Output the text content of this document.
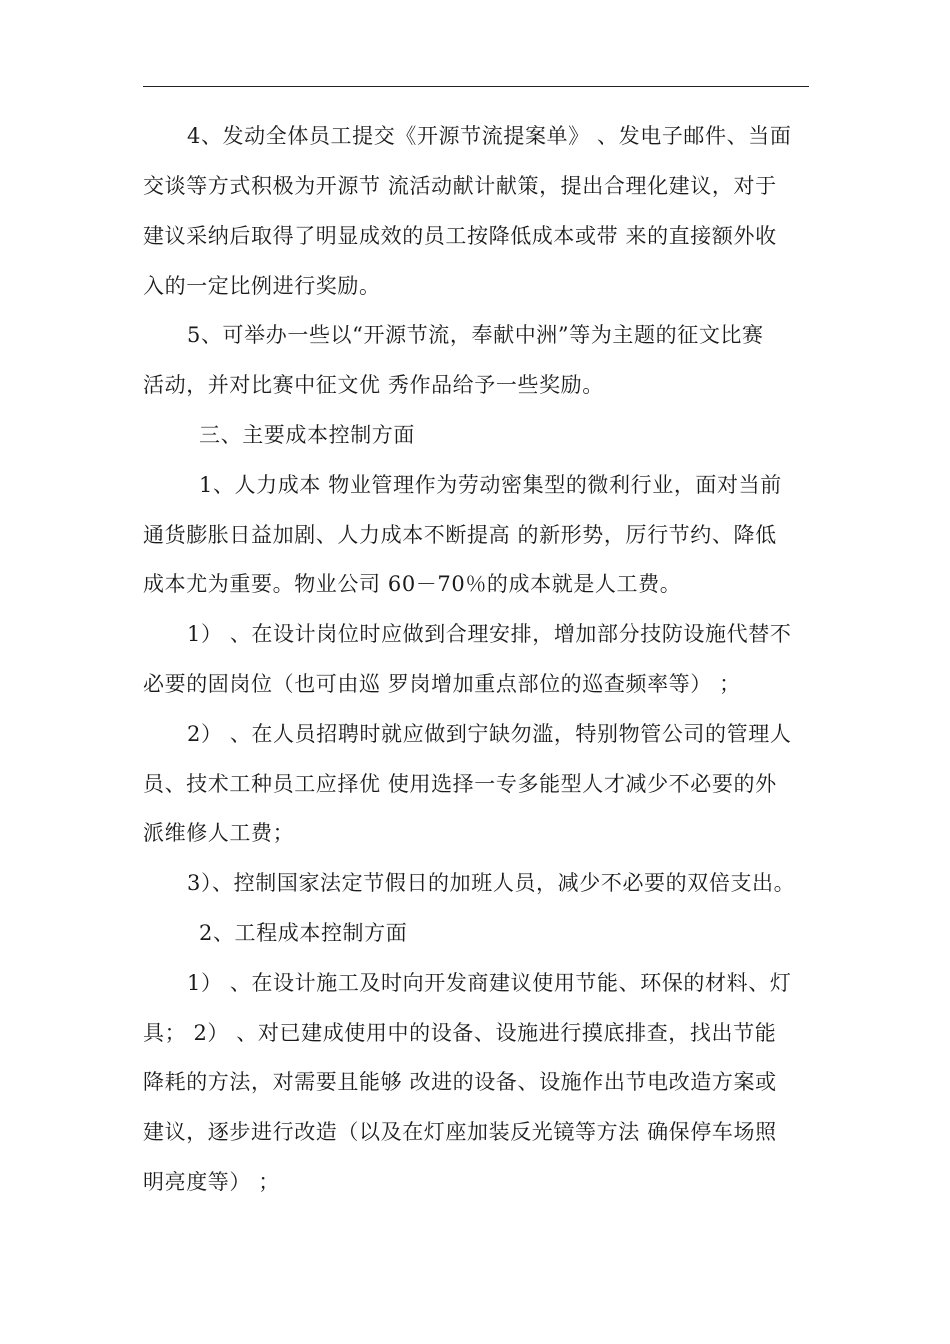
4、发动全体员工提交《开源节流提案单》 、发电子邮件、当面
交谈等方式积极为开源节 流活动献计献策，提出合理化建议，对于
建议采纳后取得了明显成效的员工按降低成本或带 来的直接额外收
入的一定比例进行奖励。
5、可举办一些以“开源节流，奉献中洲”等为主题的征文比赛
活动，并对比赛中征文优 秀作品给予一些奖励。
三、主要成本控制方面
1、人力成本 物业管理作为劳动密集型的微利行业，面对当前
通货膨胀日益加剧、人力成本不断提高 的新形势，厉行节约、降低
成本尤为重要。物业公司 60－70％的成本就是人工费。
1） 、在设计岗位时应做到合理安排，增加部分技防设施代替不
必要的固岗位（也可由巡 罗岗增加重点部位的巡查频率等） ；
2） 、在人员招聘时就应做到宁缺勿滥，特别物管公司的管理人
员、技术工种员工应择优 使用选择一专多能型人才减少不必要的外
派维修人工费；
3）、控制国家法定节假日的加班人员，减少不必要的双倍支出。
2、工程成本控制方面
1） 、在设计施工及时向开发商建议使用节能、环保的材料、灯
具； 2） 、对已建成使用中的设备、设施进行摸底排查，找出节能
降耗的方法，对需要且能够 改进的设备、设施作出节电改造方案或
建议，逐步进行改造（以及在灯座加装反光镜等方法 确保停车场照
明亮度等） ；
